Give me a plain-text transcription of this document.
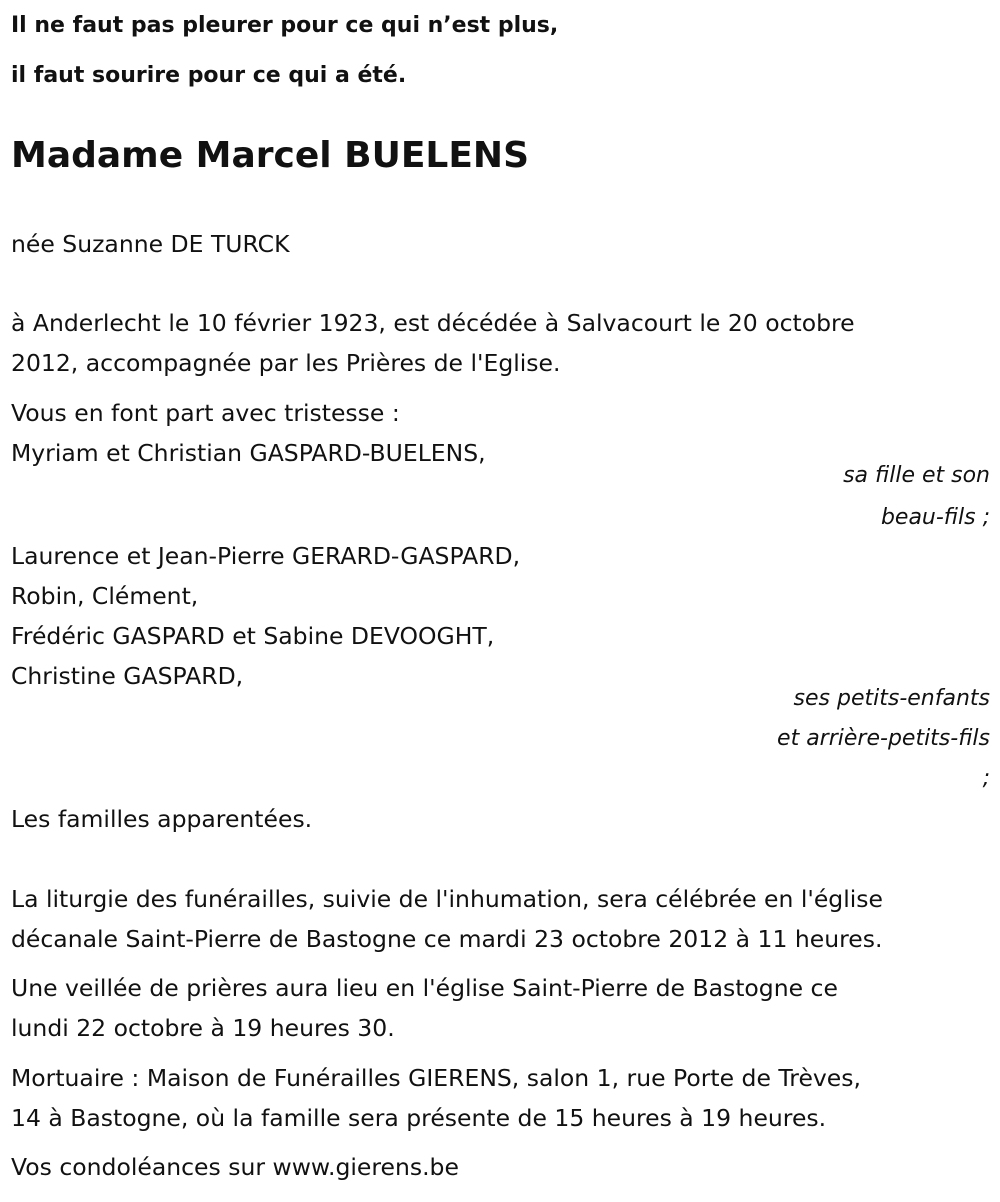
Il ne faut pas pleurer pour ce qui n’est plus,

il faut sourire pour ce qui a été.

Madame Marcel BUELENS

née Suzanne DE TURCK

à Anderlecht le 10 février 1923, est décédée à Salvacourt le 20 octobre

2012, accompagnée par les Prières de l'Eglise.

Vous en font part avec tristesse :

Myriam et Christian GASPARD-BUELENS,

sa fille et son

beau-fils ;

Laurence et Jean-Pierre GERARD-GASPARD,

Robin, Clément,

Frédéric GASPARD et Sabine DEVOOGHT,

Christine GASPARD,

ses petits-enfants

et arrière-petits-fils

;

Les familles apparentées.

La liturgie des funérailles, suivie de l'inhumation, sera célébrée en l'église

décanale Saint-Pierre de Bastogne ce mardi 23 octobre 2012 à 11 heures.

Une veillée de prières aura lieu en l'église Saint-Pierre de Bastogne ce

lundi 22 octobre à 19 heures 30.

Mortuaire : Maison de Funérailles GIERENS, salon 1, rue Porte de Trèves,

14 à Bastogne, où la famille sera présente de 15 heures à 19 heures.

Vos condoléances sur www.gierens.be
